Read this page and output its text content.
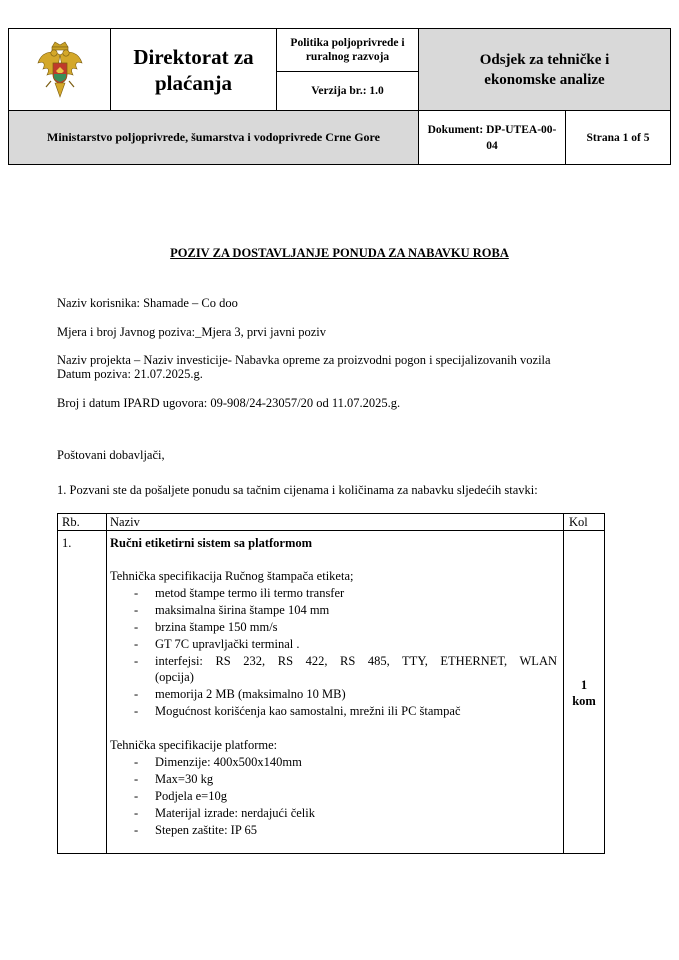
Direktorat za plaćanja
Politika poljoprivrede i ruralnog razvoja
Verzija br.: 1.0
Odsjek za tehničke i ekonomske analize
Ministarstvo poljoprivrede, šumarstva i vodoprivrede Crne Gore
Dokument: DP-UTEA-00-04
Strana 1 of 5
POZIV ZA DOSTAVLJANJE PONUDA ZA NABAVKU ROBA
Naziv korisnika: Shamade – Co doo
Mjera i broj Javnog poziva:_Mjera 3, prvi javni poziv
Naziv projekta – Naziv investicije- Nabavka opreme za proizvodni pogon i specijalizovanih vozila
Datum poziva: 21.07.2025.g.
Broj i datum IPARD ugovora: 09-908/24-23057/20 od 11.07.2025.g.
Poštovani dobavljači,
1. Pozvani ste da pošaljete ponudu sa tačnim cijenama i količinama za nabavku sljedećih stavki:
Rb. Naziv	Kol
1.	Ručni etiketirni sistem sa platformom
Tehnička specifikacija Ručnog štampača etiketa;
- metod štampe termo ili termo transfer
- maksimalna širina štampe 104 mm
- brzina štampe 150 mm/s
- GT 7C upravljački terminal .
- interfejsi: RS 232, RS 422, RS 485, TTY, ETHERNET, WLAN
(opcija)
- memorija 2 MB (maksimalno 10 MB)
- Mogućnost korišćenja kao samostalni, mrežni ili PC štampač
Tehnička specifikacije platforme:
- Dimenzije: 400x500x140mm
- Max=30 kg
- Podjela e=10g
- Materijal izrade: nerdajući čelik
- Stepen zaštite: IP 65
1
kom
